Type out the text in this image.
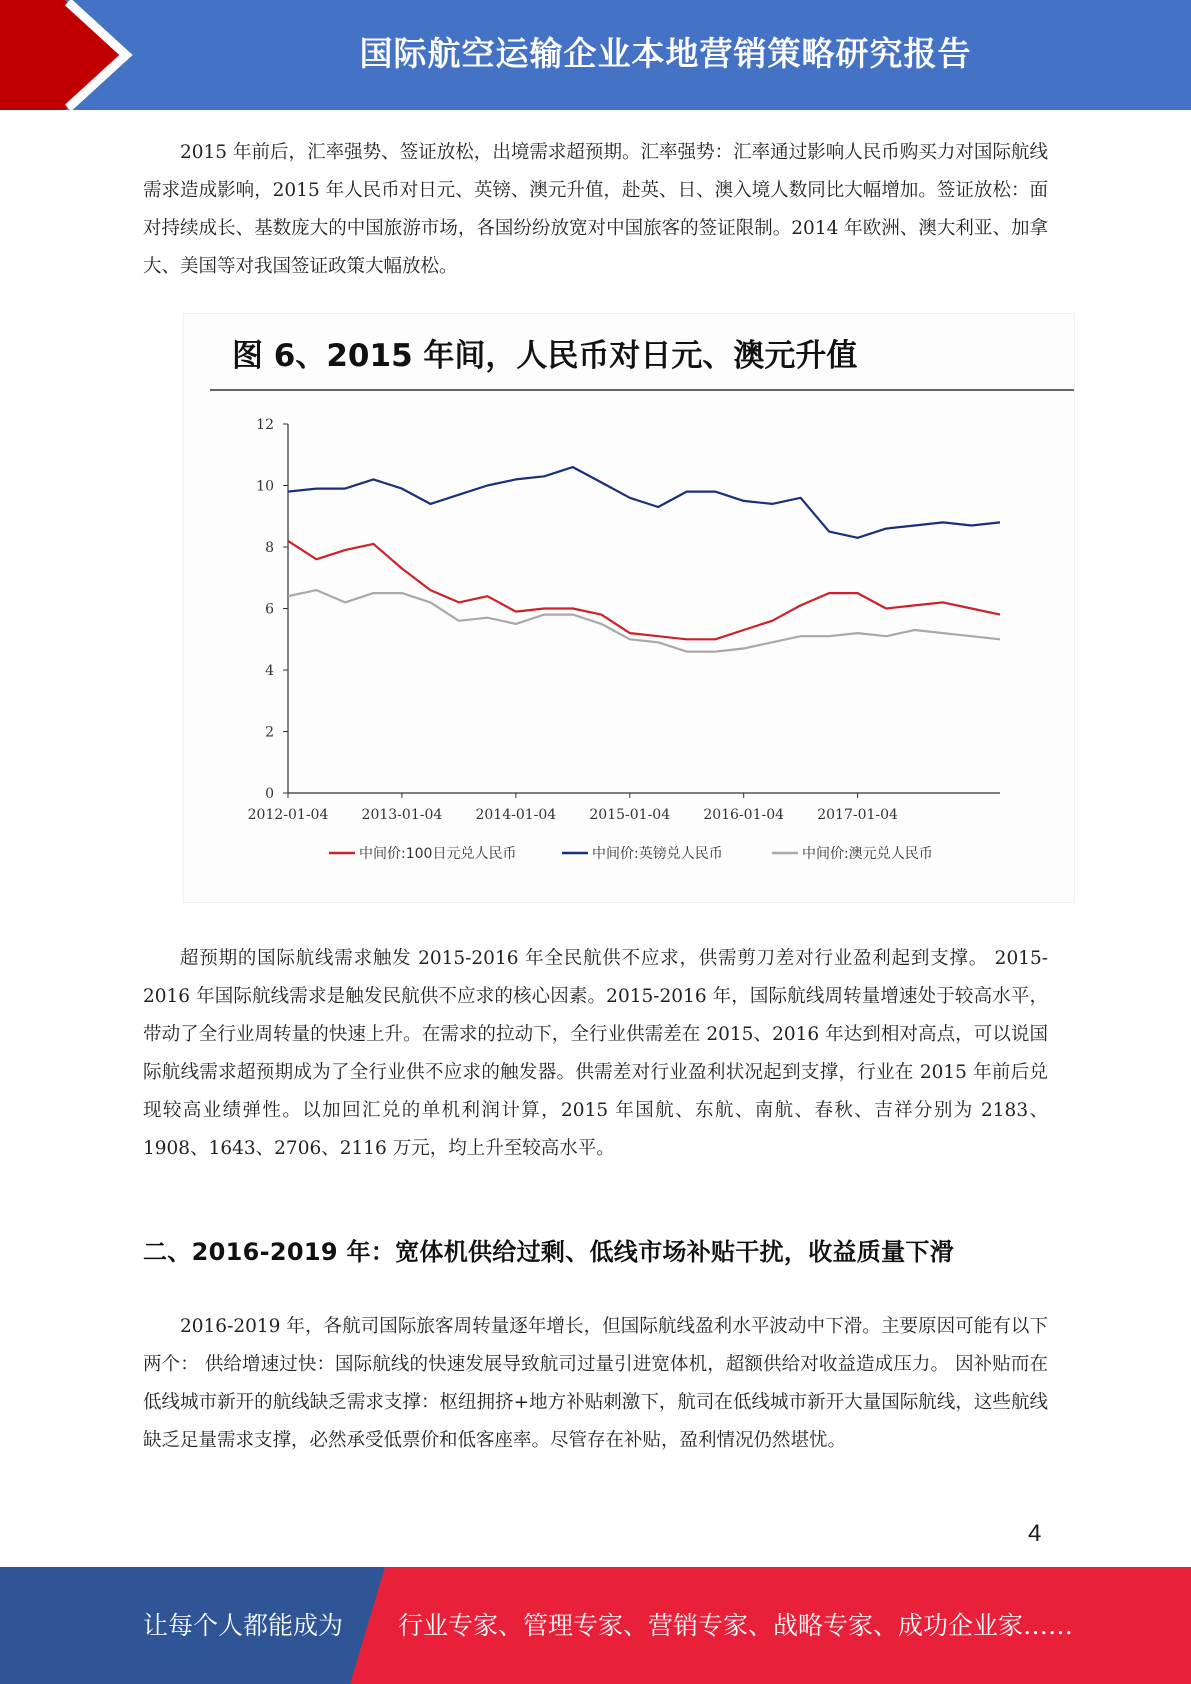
国际航空运输企业本地营销策略研究报告

2015 年前后，汇率强势、签证放松，出境需求超预期。汇率强势：汇率通过影响人民币购买力对国际航线需求造成影响，2015 年人民币对日元、英镑、澳元升值，赴英、日、澳入境人数同比大幅增加。签证放松：面对持续成长、基数庞大的中国旅游市场，各国纷纷放宽对中国旅客的签证限制。2014 年欧洲、澳大利亚、加拿大、美国等对我国签证政策大幅放松。

图 6、2015 年间，人民币对日元、澳元升值
0
2
4
6
8
10
12
2012-01-04 2013-01-04 2014-01-04 2015-01-04 2016-01-04 2017-01-04
中间价:100日元兑人民币	中间价:英镑兑人民币	中间价:澳元兑人民币

超预期的国际航线需求触发 2015-2016 年全民航供不应求，供需剪刀差对行业盈利起到支撑。 2015-2016 年国际航线需求是触发民航供不应求的核心因素。2015-2016 年，国际航线周转量增速处于较高水平，带动了全行业周转量的快速上升。在需求的拉动下，全行业供需差在 2015、2016 年达到相对高点，可以说国际航线需求超预期成为了全行业供不应求的触发器。供需差对行业盈利状况起到支撑，行业在 2015 年前后兑现较高业绩弹性。以加回汇兑的单机利润计算，2015 年国航、东航、南航、春秋、吉祥分别为 2183、1908、1643、2706、2116 万元，均上升至较高水平。

二、2016-2019 年：宽体机供给过剩、低线市场补贴干扰，收益质量下滑

2016-2019 年，各航司国际旅客周转量逐年增长，但国际航线盈利水平波动中下滑。主要原因可能有以下两个： 供给增速过快：国际航线的快速发展导致航司过量引进宽体机，超额供给对收益造成压力。 因补贴而在低线城市新开的航线缺乏需求支撑：枢纽拥挤+地方补贴刺激下，航司在低线城市新开大量国际航线，这些航线缺乏足量需求支撑，必然承受低票价和低客座率。尽管存在补贴，盈利情况仍然堪忧。

4
让每个人都能成为 行业专家、管理专家、营销专家、战略专家、成功企业家……
